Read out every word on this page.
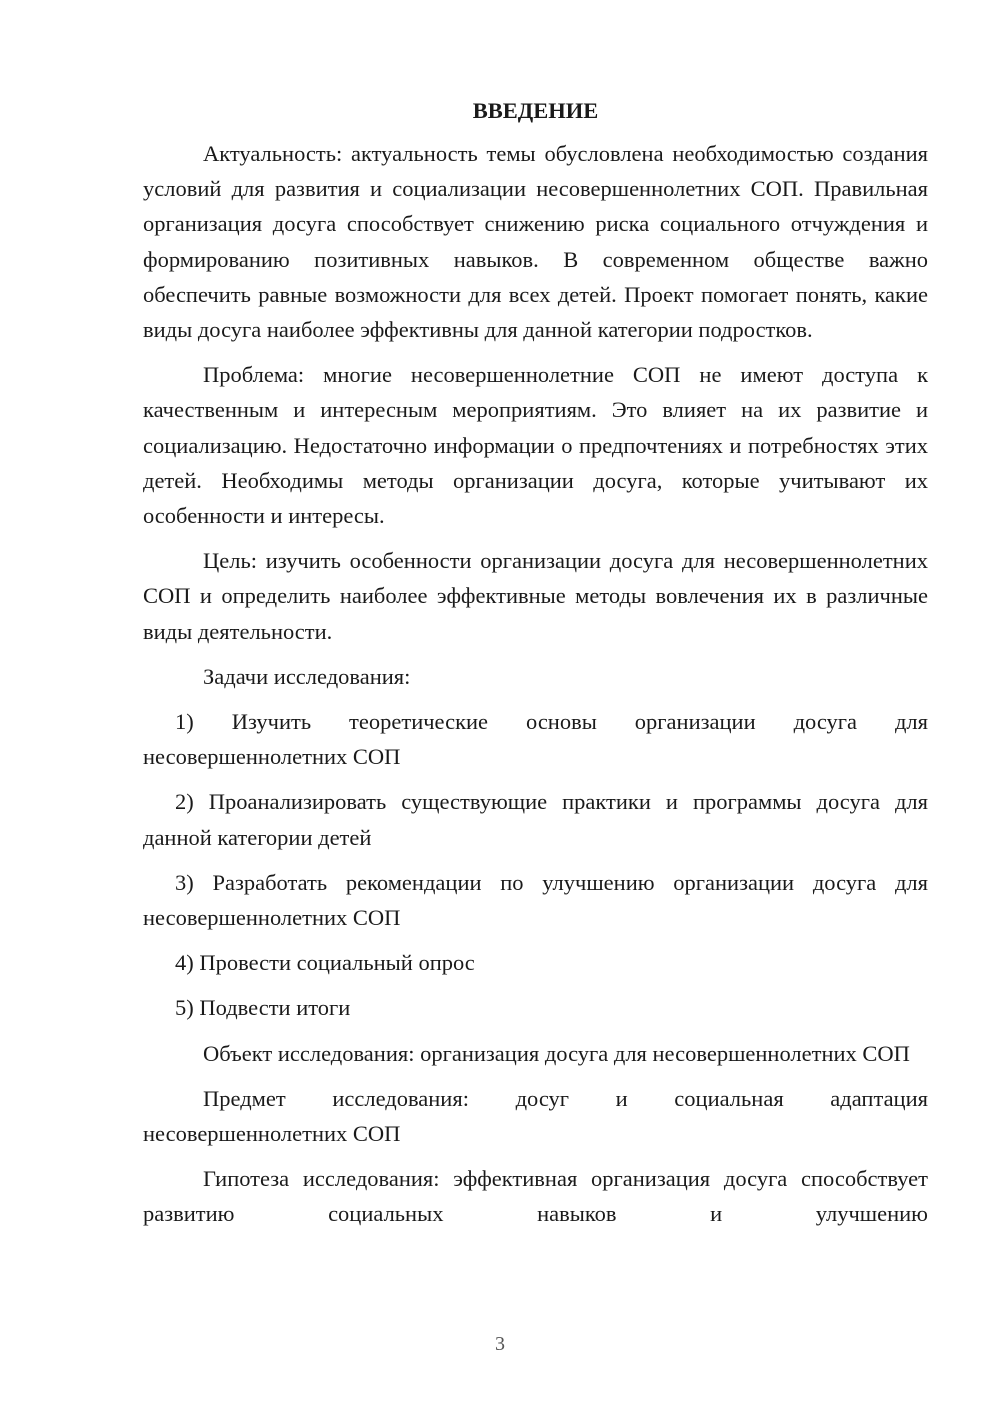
ВВЕДЕНИЕ
Актуальность: актуальность темы обусловлена необходимостью создания условий для развития и социализации несовершеннолетних СОП. Правильная организация досуга способствует снижению риска социального отчуждения и формированию позитивных навыков. В современном обществе важно обеспечить равные возможности для всех детей. Проект помогает понять, какие виды досуга наиболее эффективны для данной категории подростков.
Проблема: многие несовершеннолетние СОП не имеют доступа к качественным и интересным мероприятиям. Это влияет на их развитие и социализацию. Недостаточно информации о предпочтениях и потребностях этих детей. Необходимы методы организации досуга, которые учитывают их особенности и интересы.
Цель: изучить особенности организации досуга для несовершеннолетних СОП и определить наиболее эффективные методы вовлечения их в различные виды деятельности.
Задачи исследования:
1) Изучить теоретические основы организации досуга для несовершеннолетних СОП
2) Проанализировать существующие практики и программы досуга для данной категории детей
3) Разработать рекомендации по улучшению организации досуга для несовершеннолетних СОП
4) Провести социальный опрос
5) Подвести итоги
Объект исследования: организация досуга для несовершеннолетних СОП
Предмет исследования: досуг и социальная адаптация несовершеннолетних СОП
Гипотеза исследования: эффективная организация досуга способствует развитию социальных навыков и улучшению
3
